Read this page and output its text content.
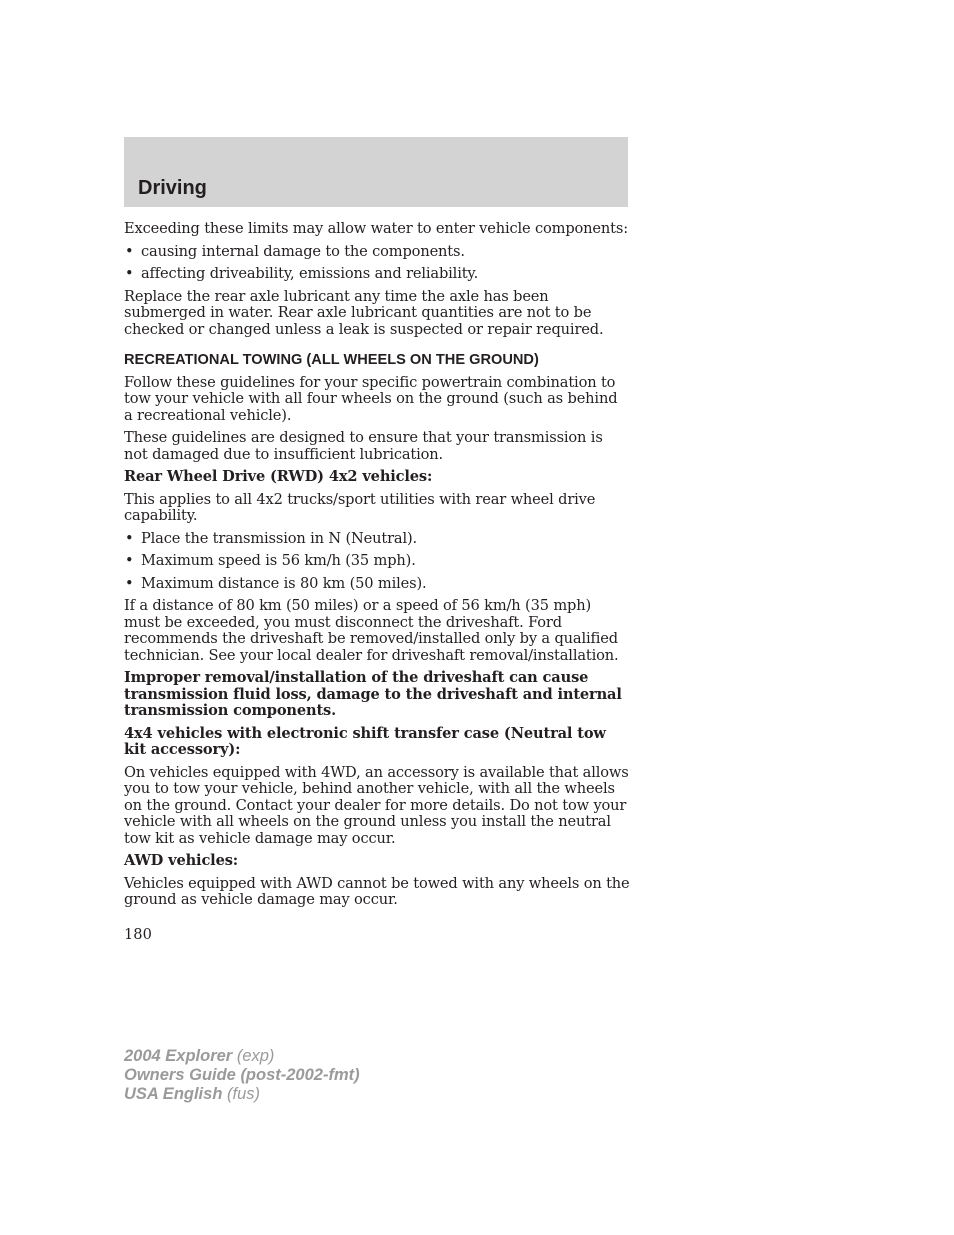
Driving

Exceeding these limits may allow water to enter vehicle components:

• causing internal damage to the components.
• affecting driveability, emissions and reliability.

Replace the rear axle lubricant any time the axle has been submerged in water. Rear axle lubricant quantities are not to be checked or changed unless a leak is suspected or repair required.

RECREATIONAL TOWING (ALL WHEELS ON THE GROUND)

Follow these guidelines for your specific powertrain combination to tow your vehicle with all four wheels on the ground (such as behind a recreational vehicle).

These guidelines are designed to ensure that your transmission is not damaged due to insufficient lubrication.

Rear Wheel Drive (RWD) 4x2 vehicles:

This applies to all 4x2 trucks/sport utilities with rear wheel drive capability.

• Place the transmission in N (Neutral).
• Maximum speed is 56 km/h (35 mph).
• Maximum distance is 80 km (50 miles).

If a distance of 80 km (50 miles) or a speed of 56 km/h (35 mph) must be exceeded, you must disconnect the driveshaft. Ford recommends the driveshaft be removed/installed only by a qualified technician. See your local dealer for driveshaft removal/installation.

Improper removal/installation of the driveshaft can cause transmission fluid loss, damage to the driveshaft and internal transmission components.

4x4 vehicles with electronic shift transfer case (Neutral tow kit accessory):

On vehicles equipped with 4WD, an accessory is available that allows you to tow your vehicle, behind another vehicle, with all the wheels on the ground. Contact your dealer for more details. Do not tow your vehicle with all wheels on the ground unless you install the neutral tow kit as vehicle damage may occur.

AWD vehicles:

Vehicles equipped with AWD cannot be towed with any wheels on the ground as vehicle damage may occur.

180
2004 Explorer (exp)
Owners Guide (post-2002-fmt)
USA English (fus)
